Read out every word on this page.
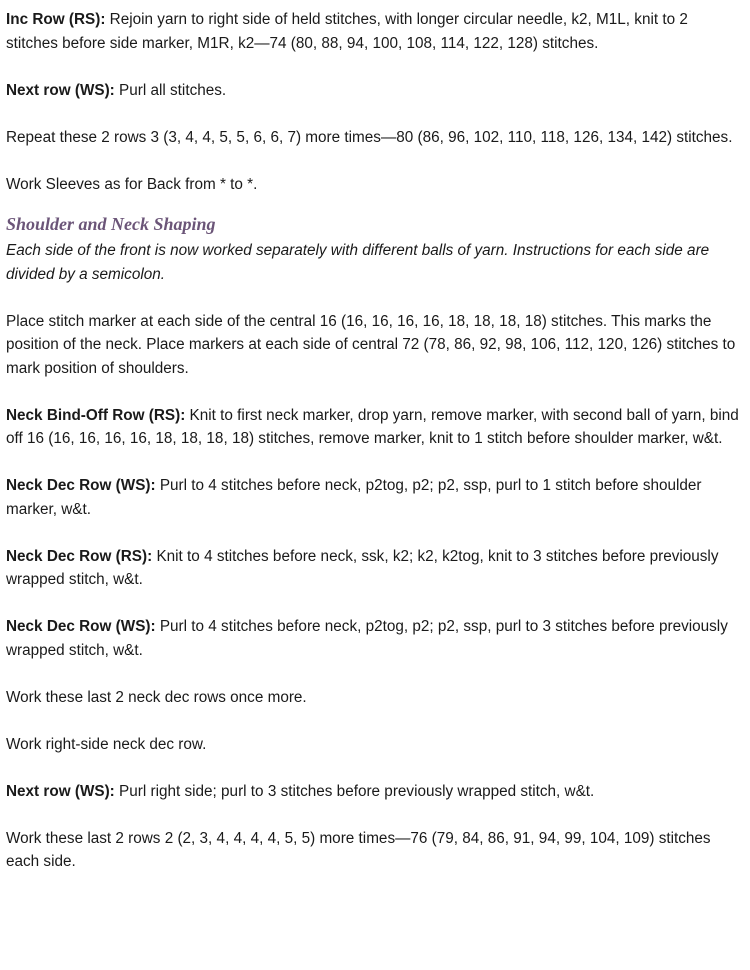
Inc Row (RS): Rejoin yarn to right side of held stitches, with longer circular needle, k2, M1L, knit to 2 stitches before side marker, M1R, k2—74 (80, 88, 94, 100, 108, 114, 122, 128) stitches.

Next row (WS): Purl all stitches.

Repeat these 2 rows 3 (3, 4, 4, 5, 5, 6, 6, 7) more times—80 (86, 96, 102, 110, 118, 126, 134, 142) stitches.

Work Sleeves as for Back from * to *.

Shoulder and Neck Shaping

Each side of the front is now worked separately with different balls of yarn. Instructions for each side are divided by a semicolon.

Place stitch marker at each side of the central 16 (16, 16, 16, 16, 18, 18, 18, 18) stitches. This marks the position of the neck. Place markers at each side of central 72 (78, 86, 92, 98, 106, 112, 120, 126) stitches to mark position of shoulders.

Neck Bind-Off Row (RS): Knit to first neck marker, drop yarn, remove marker, with second ball of yarn, bind off 16 (16, 16, 16, 16, 18, 18, 18, 18) stitches, remove marker, knit to 1 stitch before shoulder marker, w&t.

Neck Dec Row (WS): Purl to 4 stitches before neck, p2tog, p2; p2, ssp, purl to 1 stitch before shoulder marker, w&t.

Neck Dec Row (RS): Knit to 4 stitches before neck, ssk, k2; k2, k2tog, knit to 3 stitches before previously wrapped stitch, w&t.

Neck Dec Row (WS): Purl to 4 stitches before neck, p2tog, p2; p2, ssp, purl to 3 stitches before previously wrapped stitch, w&t.

Work these last 2 neck dec rows once more.

Work right-side neck dec row.

Next row (WS): Purl right side; purl to 3 stitches before previously wrapped stitch, w&t.

Work these last 2 rows 2 (2, 3, 4, 4, 4, 4, 5, 5) more times—76 (79, 84, 86, 91, 94, 99, 104, 109) stitches each side.
